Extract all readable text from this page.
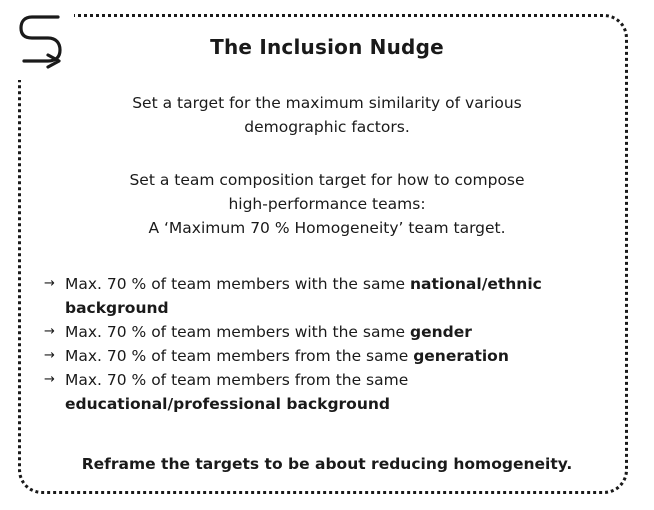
The Inclusion Nudge
Set a target for the maximum similarity of various
demographic factors.
Set a team composition target for how to compose
high-performance teams:
A ‘Maximum 70 % Homogeneity’ team target.
→ Max. 70 % of team members with the same national/ethnic background
→ Max. 70 % of team members with the same gender
→ Max. 70 % of team members from the same generation
→ Max. 70 % of team members from the same educational/professional background
Reframe the targets to be about reducing homogeneity.
